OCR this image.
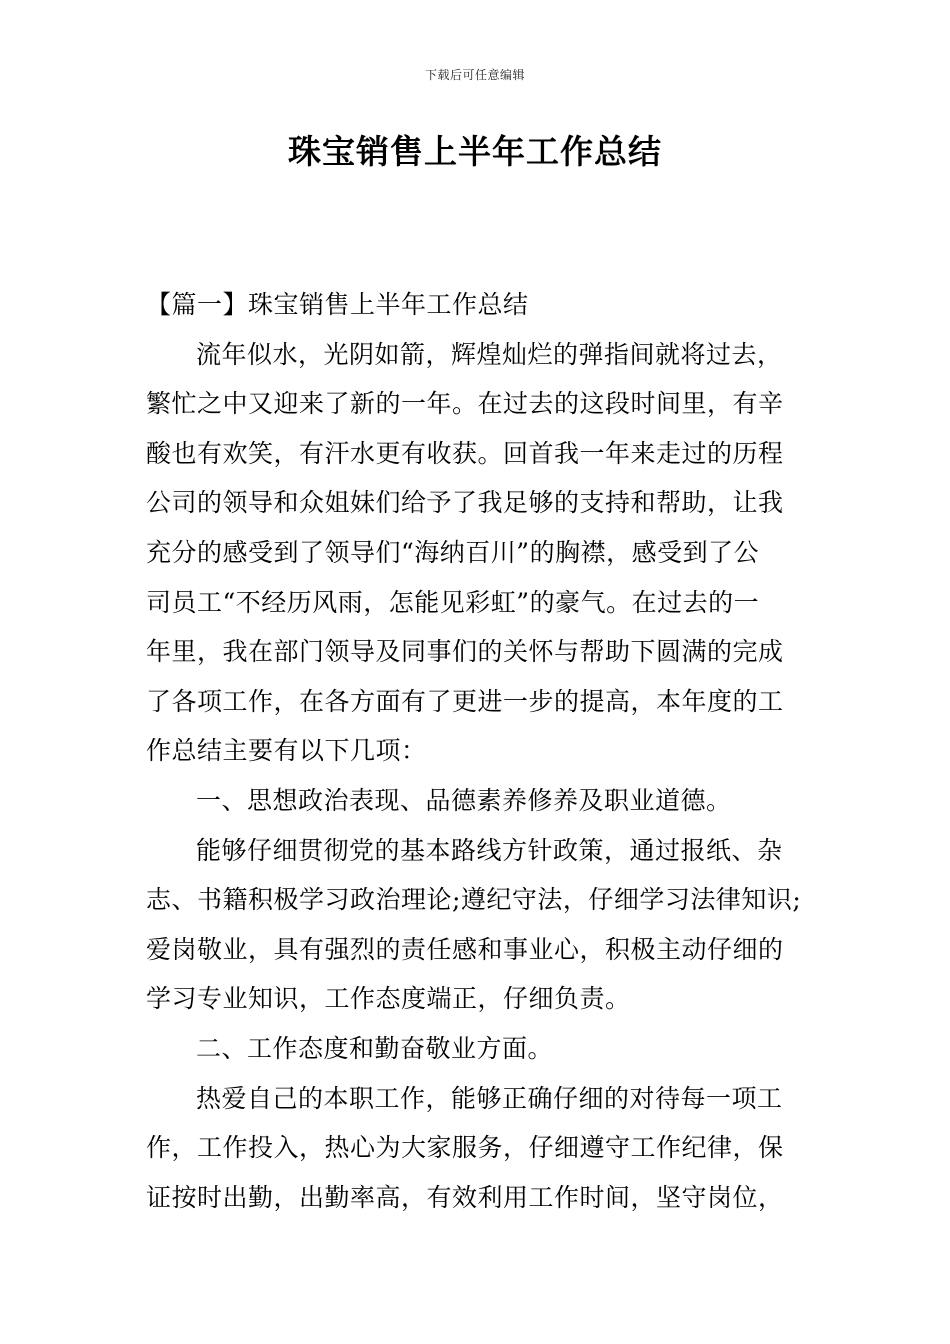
下载后可任意编辑
珠宝销售上半年工作总结
【篇一】珠宝销售上半年工作总结
流年似水，光阴如箭，辉煌灿烂的弹指间就将过去，
繁忙之中又迎来了新的一年。在过去的这段时间里，有辛
酸也有欢笑，有汗水更有收获。回首我一年来走过的历程
公司的领导和众姐妹们给予了我足够的支持和帮助，让我
充分的感受到了领导们“海纳百川”的胸襟，感受到了公
司员工“不经历风雨，怎能见彩虹”的豪气。在过去的一
年里，我在部门领导及同事们的关怀与帮助下圆满的完成
了各项工作，在各方面有了更进一步的提高，本年度的工
作总结主要有以下几项：
一、思想政治表现、品德素养修养及职业道德。
能够仔细贯彻党的基本路线方针政策，通过报纸、杂
志、书籍积极学习政治理论;遵纪守法，仔细学习法律知识;
爱岗敬业，具有强烈的责任感和事业心，积极主动仔细的
学习专业知识，工作态度端正，仔细负责。
二、工作态度和勤奋敬业方面。
热爱自己的本职工作，能够正确仔细的对待每一项工
作，工作投入，热心为大家服务，仔细遵守工作纪律，保
证按时出勤，出勤率高，有效利用工作时间，坚守岗位，
